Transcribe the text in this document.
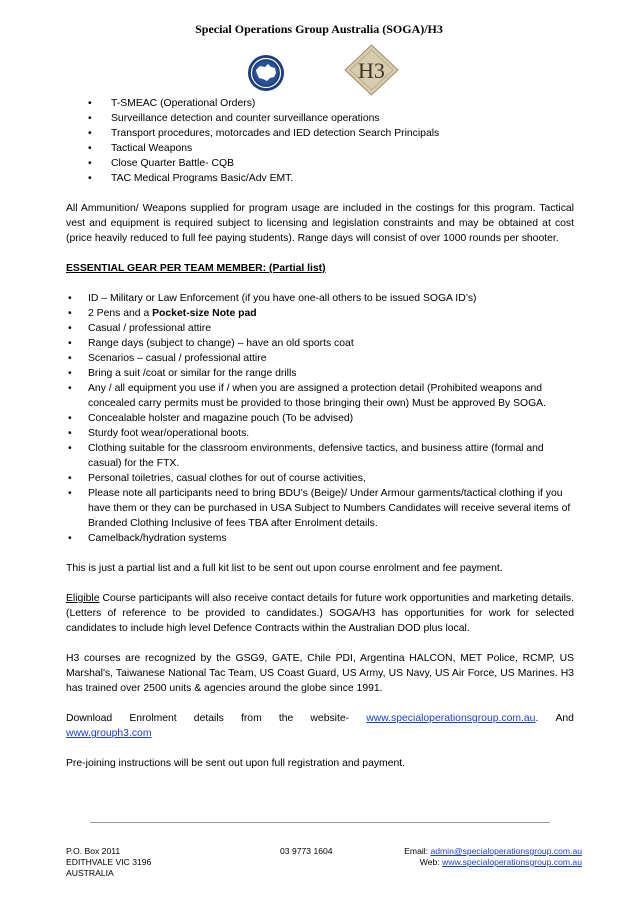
Special Operations Group Australia (SOGA)/H3
H3
• T-SMEAC (Operational Orders)
• Surveillance detection and counter surveillance operations
• Transport procedures, motorcades and IED detection Search Principals
• Tactical Weapons
• Close Quarter Battle- CQB
• TAC Medical Programs Basic/Adv EMT.

All Ammunition/ Weapons supplied for program usage are included in the costings for this program. Tactical vest and equipment is required subject to licensing and legislation constraints and may be obtained at cost (price heavily reduced to full fee paying students). Range days will consist of over 1000 rounds per shooter.

ESSENTIAL GEAR PER TEAM MEMBER: (Partial list)

• ID – Military or Law Enforcement (if you have one-all others to be issued SOGA ID’s)
• 2 Pens and a Pocket-size Note pad
• Casual / professional attire
• Range days (subject to change) – have an old sports coat
• Scenarios – casual / professional attire
• Bring a suit /coat or similar for the range drills
• Any / all equipment you use if / when you are assigned a protection detail (Prohibited weapons and concealed carry permits must be provided to those bringing their own) Must be approved By SOGA.
• Concealable holster and magazine pouch (To be advised)
• Sturdy foot wear/operational boots.
• Clothing suitable for the classroom environments, defensive tactics, and business attire (formal and casual) for the FTX.
• Personal toiletries, casual clothes for out of course activities,
• Please note all participants need to bring BDU’s (Beige)/ Under Armour garments/tactical clothing if you have them or they can be purchased in USA Subject to Numbers Candidates will receive several items of Branded Clothing Inclusive of fees TBA after Enrolment details.
• Camelback/hydration systems

This is just a partial list and a full kit list to be sent out upon course enrolment and fee payment.

Eligible Course participants will also receive contact details for future work opportunities and marketing details. (Letters of reference to be provided to candidates.) SOGA/H3 has opportunities for work for selected candidates to include high level Defence Contracts within the Australian DOD plus local.

H3 courses are recognized by the GSG9, GATE, Chile PDI, Argentina HALCON, MET Police, RCMP, US Marshal's, Taiwanese National Tac Team, US Coast Guard, US Army, US Navy, US Air Force, US Marines. H3 has trained over 2500 units & agencies around the globe since 1991.

Download Enrolment details from the website- www.specialoperationsgroup.com.au. And
www.grouph3.com

Pre-joining instructions will be sent out upon full registration and payment.

P.O. Box 2011
EDITHVALE VIC 3196
AUSTRALIA
03 9773 1604	Email: admin@specialoperationsgroup.com.au
Web: www.specialoperationsgroup.com.au
